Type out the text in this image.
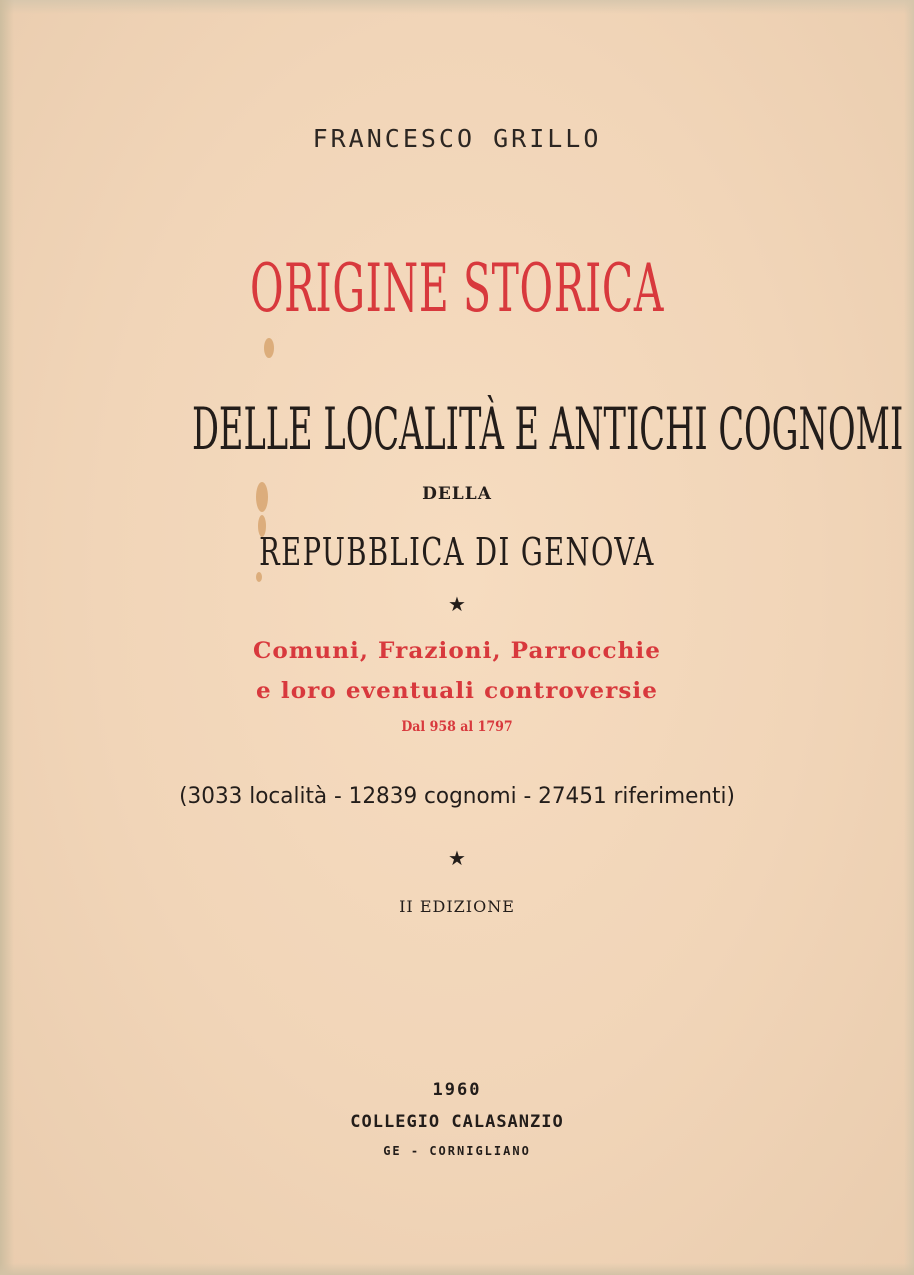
FRANCESCO GRILLO
ORIGINE STORICA
DELLE LOCALITÀ E ANTICHI COGNOMI
DELLA
REPUBBLICA DI GENOVA
★
Comuni, Frazioni, Parrocchie
e loro eventuali controversie
Dal 958 al 1797
(3033 località - 12839 cognomi - 27451 riferimenti)
★
II EDIZIONE
1960
COLLEGIO CALASANZIO
GE - CORNIGLIANO
